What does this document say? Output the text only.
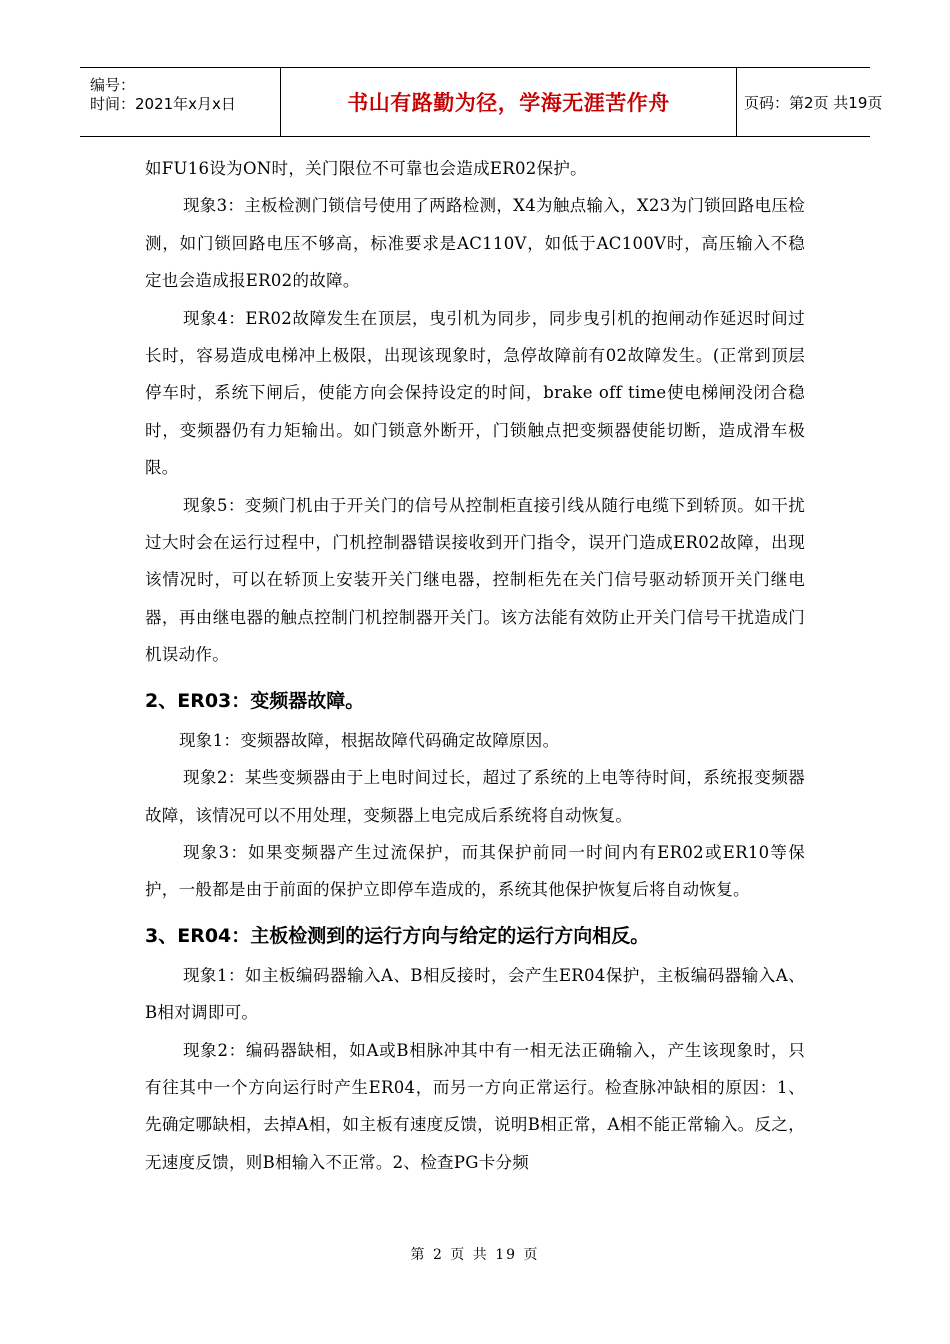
编号：
时间：2021年x月x日	书山有路勤为径，学海无涯苦作舟	页码：第2页 共19页

如FU16设为ON时，关门限位不可靠也会造成ER02保护。

现象3：主板检测门锁信号使用了两路检测，X4为触点输入，X23为门锁回路电压检测，如门锁回路电压不够高，标准要求是AC110V，如低于AC100V时，高压输入不稳定也会造成报ER02的故障。

现象4：ER02故障发生在顶层，曳引机为同步，同步曳引机的抱闸动作延迟时间过长时，容易造成电梯冲上极限，出现该现象时，急停故障前有02故障发生。(正常到顶层停车时，系统下闸后，使能方向会保持设定的时间，brake off time使电梯闸没闭合稳时，变频器仍有力矩输出。如门锁意外断开，门锁触点把变频器使能切断，造成滑车极限。

现象5：变频门机由于开关门的信号从控制柜直接引线从随行电缆下到轿顶。如干扰过大时会在运行过程中，门机控制器错误接收到开门指令，误开门造成ER02故障，出现该情况时，可以在轿顶上安装开关门继电器，控制柜先在关门信号驱动轿顶开关门继电器，再由继电器的触点控制门机控制器开关门。该方法能有效防止开关门信号干扰造成门机误动作。

2、ER03：变频器故障。

现象1：变频器故障，根据故障代码确定故障原因。

现象2：某些变频器由于上电时间过长，超过了系统的上电等待时间，系统报变频器故障，该情况可以不用处理，变频器上电完成后系统将自动恢复。

现象3：如果变频器产生过流保护，而其保护前同一时间内有ER02或ER10等保护，一般都是由于前面的保护立即停车造成的，系统其他保护恢复后将自动恢复。

3、ER04：主板检测到的运行方向与给定的运行方向相反。

现象1：如主板编码器输入A、B相反接时，会产生ER04保护，主板编码器输入A、B相对调即可。

现象2：编码器缺相，如A或B相脉冲其中有一相无法正确输入，产生该现象时，只有往其中一个方向运行时产生ER04，而另一方向正常运行。检查脉冲缺相的原因：1、先确定哪缺相，去掉A相，如主板有速度反馈，说明B相正常，A相不能正常输入。反之，无速度反馈，则B相输入不正常。2、检查PG卡分频

第 2 页 共 19 页
